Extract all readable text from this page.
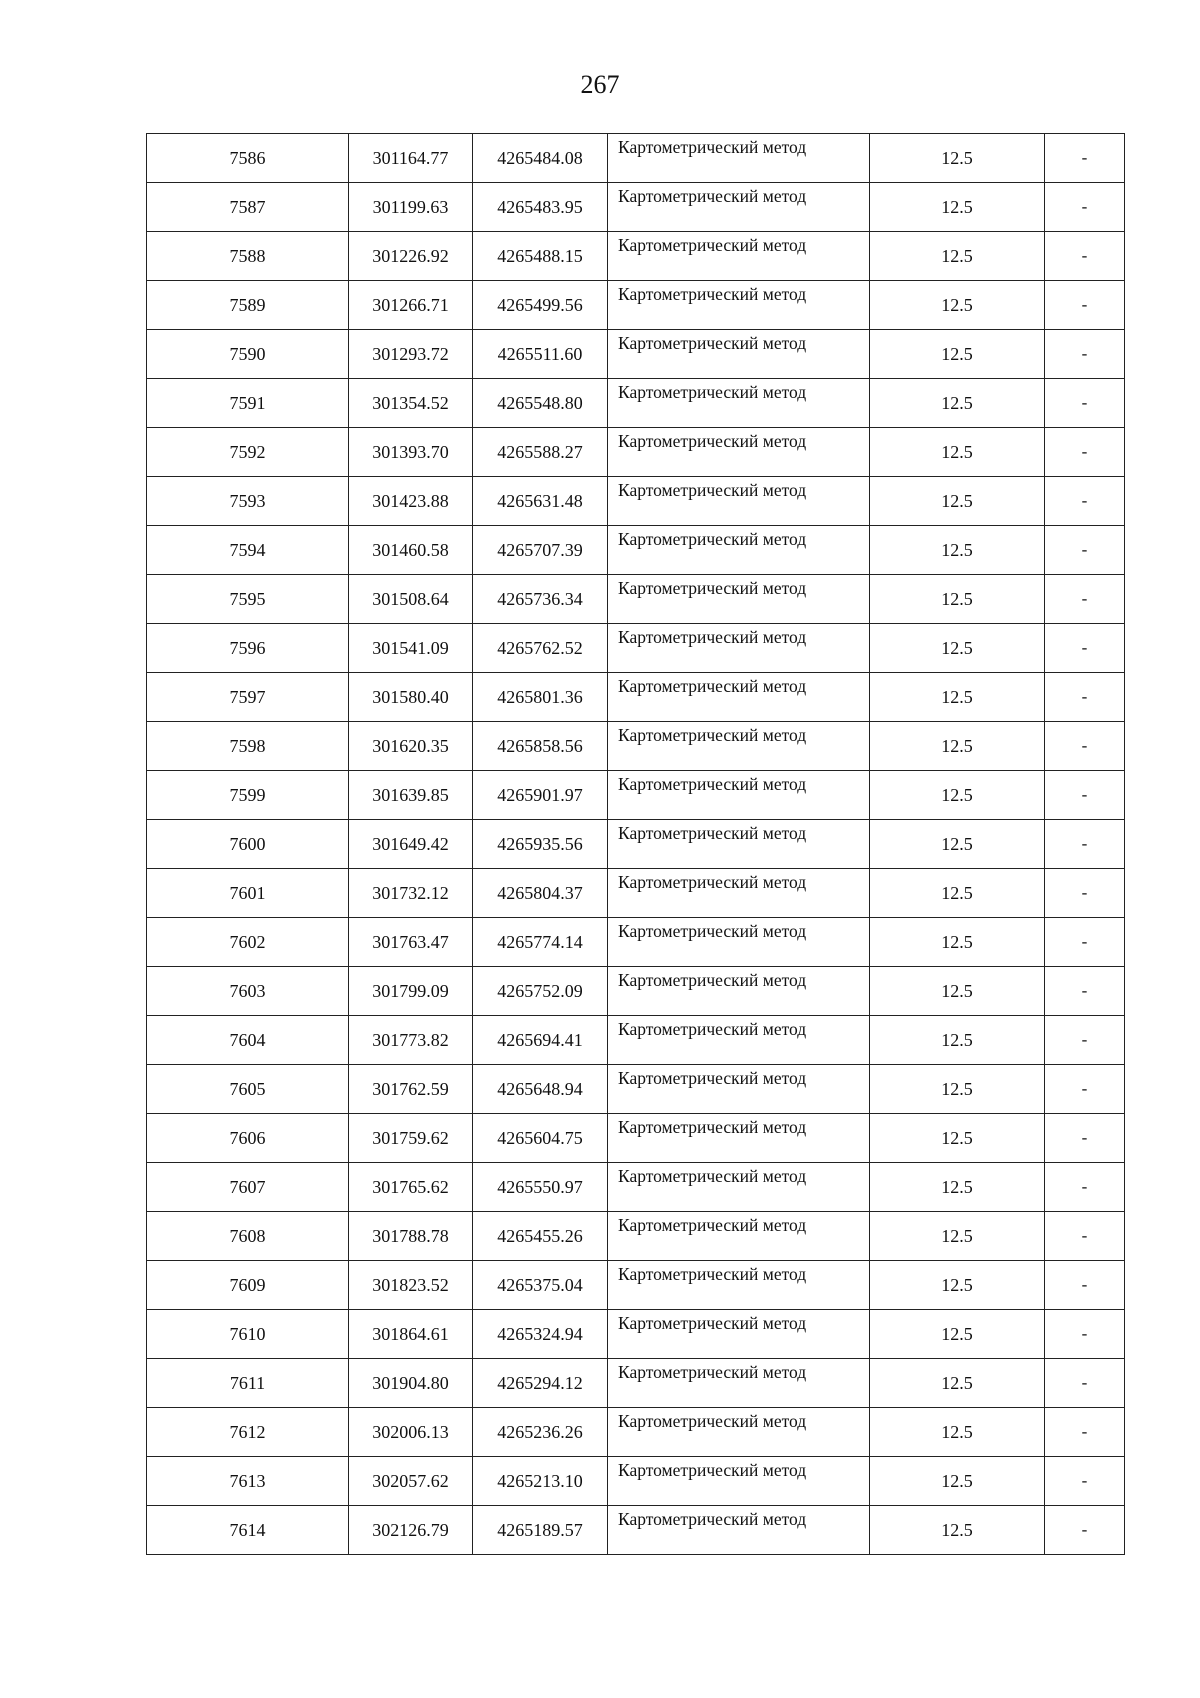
267
7586	301164.77	4265484.08	Картометрический метод	12.5	-
7587	301199.63	4265483.95	Картометрический метод	12.5	-
7588	301226.92	4265488.15	Картометрический метод	12.5	-
7589	301266.71	4265499.56	Картометрический метод	12.5	-
7590	301293.72	4265511.60	Картометрический метод	12.5	-
7591	301354.52	4265548.80	Картометрический метод	12.5	-
7592	301393.70	4265588.27	Картометрический метод	12.5	-
7593	301423.88	4265631.48	Картометрический метод	12.5	-
7594	301460.58	4265707.39	Картометрический метод	12.5	-
7595	301508.64	4265736.34	Картометрический метод	12.5	-
7596	301541.09	4265762.52	Картометрический метод	12.5	-
7597	301580.40	4265801.36	Картометрический метод	12.5	-
7598	301620.35	4265858.56	Картометрический метод	12.5	-
7599	301639.85	4265901.97	Картометрический метод	12.5	-
7600	301649.42	4265935.56	Картометрический метод	12.5	-
7601	301732.12	4265804.37	Картометрический метод	12.5	-
7602	301763.47	4265774.14	Картометрический метод	12.5	-
7603	301799.09	4265752.09	Картометрический метод	12.5	-
7604	301773.82	4265694.41	Картометрический метод	12.5	-
7605	301762.59	4265648.94	Картометрический метод	12.5	-
7606	301759.62	4265604.75	Картометрический метод	12.5	-
7607	301765.62	4265550.97	Картометрический метод	12.5	-
7608	301788.78	4265455.26	Картометрический метод	12.5	-
7609	301823.52	4265375.04	Картометрический метод	12.5	-
7610	301864.61	4265324.94	Картометрический метод	12.5	-
7611	301904.80	4265294.12	Картометрический метод	12.5	-
7612	302006.13	4265236.26	Картометрический метод	12.5	-
7613	302057.62	4265213.10	Картометрический метод	12.5	-
7614	302126.79	4265189.57	Картометрический метод	12.5	-
